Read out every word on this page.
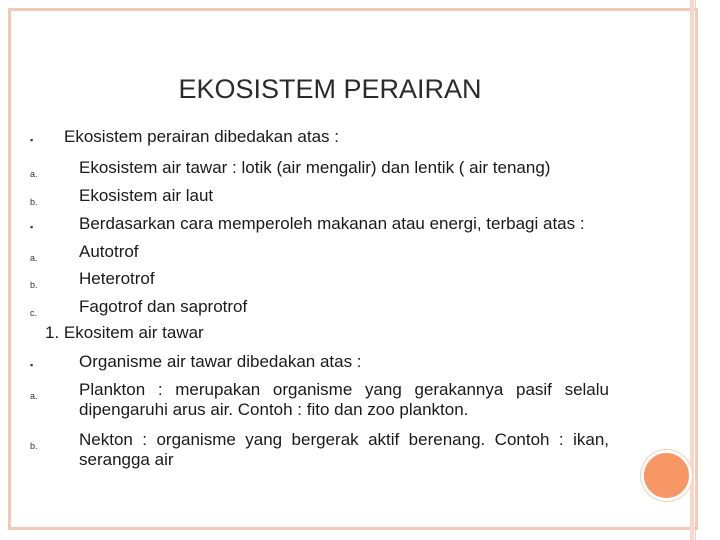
EKOSISTEM PERAIRAN
▪ Ekosistem perairan dibedakan atas :
a. Ekosistem air tawar : lotik (air mengalir) dan lentik ( air tenang)
b. Ekosistem air laut
▪	Berdasarkan cara memperoleh makanan atau energi, terbagi atas :
a. Autotrof
b. Heterotrof
c. Fagotrof dan saprotrof
1. Ekositem air tawar
▪	Organisme air tawar dibedakan atas :
a. Plankton : merupakan organisme yang gerakannya pasif selalu dipengaruhi arus air. Contoh : fito dan zoo plankton.
b. Nekton : organisme yang bergerak aktif berenang. Contoh : ikan, serangga air
